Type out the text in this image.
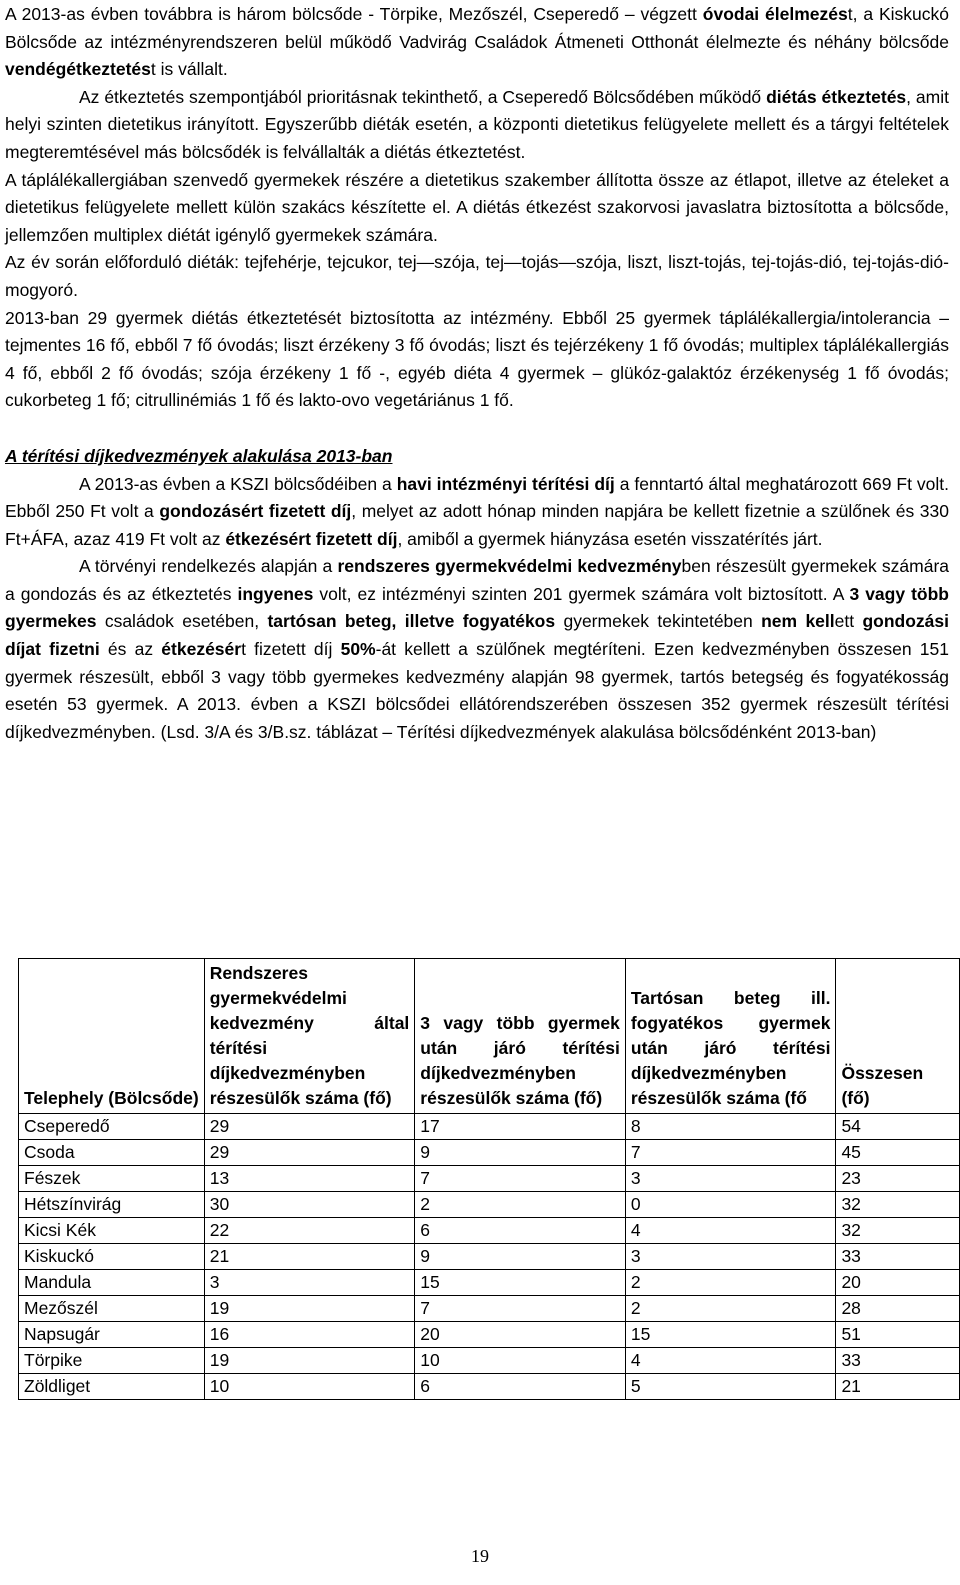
A 2013-as évben továbbra is három bölcsőde - Törpike, Mezőszél, Cseperedő – végzett óvodai élelmezést, a Kiskuckó Bölcsőde az intézményrendszeren belül működő Vadvirág Családok Átmeneti Otthonát élelmezte és néhány bölcsőde vendégétkeztetést is vállalt.

Az étkeztetés szempontjából prioritásnak tekinthető, a Cseperedő Bölcsődében működő diétás étkeztetés, amit helyi szinten dietetikus irányított. Egyszerűbb diéták esetén, a központi dietetikus felügyelete mellett és a tárgyi feltételek megteremtésével más bölcsődék is felvállalták a diétás étkeztetést.

A táplálékallergiában szenvedő gyermekek részére a dietetikus szakember állította össze az étlapot, illetve az ételeket a dietetikus felügyelete mellett külön szakács készítette el. A diétás étkezést szakorvosi javaslatra biztosította a bölcsőde, jellemzően multiplex diétát igénylő gyermekek számára.

Az év során előforduló diéták: tejfehérje, tejcukor, tej—szója, tej—tojás—szója, liszt, liszt-tojás, tej-tojás-dió, tej-tojás-dió-mogyoró.

2013-ban 29 gyermek diétás étkeztetését biztosította az intézmény. Ebből 25 gyermek táplálékallergia/intolerancia – tejmentes 16 fő, ebből 7 fő óvodás; liszt érzékeny 3 fő óvodás; liszt és tejérzékeny 1 fő óvodás; multiplex táplálékallergiás 4 fő, ebből 2 fő óvodás; szója érzékeny 1 fő -, egyéb diéta 4 gyermek – glükóz-galaktóz érzékenység 1 fő óvodás; cukorbeteg 1 fő; citrullinémiás 1 fő és lakto-ovo vegetáriánus 1 fő.

A térítési díjkedvezmények alakulása 2013-ban

A 2013-as évben a KSZI bölcsődéiben a havi intézményi térítési díj a fenntartó által meghatározott 669 Ft volt. Ebből 250 Ft volt a gondozásért fizetett díj, melyet az adott hónap minden napjára be kellett fizetnie a szülőnek és 330 Ft+ÁFA, azaz 419 Ft volt az étkezésért fizetett díj, amiből a gyermek hiányzása esetén visszatérítés járt.

A törvényi rendelkezés alapján a rendszeres gyermekvédelmi kedvezményben részesült gyermekek számára a gondozás és az étkeztetés ingyenes volt, ez intézményi szinten 201 gyermek számára volt biztosított. A 3 vagy több gyermekes családok esetében, tartósan beteg, illetve fogyatékos gyermekek tekintetében nem kellett gondozási díjat fizetni és az étkezésért fizetett díj 50%-át kellett a szülőnek megtéríteni. Ezen kedvezményben összesen 151 gyermek részesült, ebből 3 vagy több gyermekes kedvezmény alapján 98 gyermek, tartós betegség és fogyatékosság esetén 53 gyermek. A 2013. évben a KSZI bölcsődei ellátórendszerében összesen 352 gyermek részesült térítési díjkedvezményben. (Lsd. 3/A és 3/B.sz. táblázat – Térítési díjkedvezmények alakulása bölcsődénként 2013-ban)

Telephely (Bölcsőde)	Rendszeres gyermekvédelmi kedvezmény által térítési díjkedvezményben részesülők száma (fő)	3 vagy több gyermek után járó térítési díjkedvezményben részesülők száma (fő)	Tartósan beteg ill. fogyatékos gyermek után járó térítési díjkedvezményben részesülők száma (fő	Összesen (fő)
Cseperedő	29	17	8	54
Csoda	29	9	7	45
Fészek	13	7	3	23
Hétszínvirág	30	2	0	32
Kicsi Kék	22	6	4	32
Kiskuckó	21	9	3	33
Mandula	3	15	2	20
Mezőszél	19	7	2	28
Napsugár	16	20	15	51
Törpike	19	10	4	33
Zöldliget	10	6	5	21
19
